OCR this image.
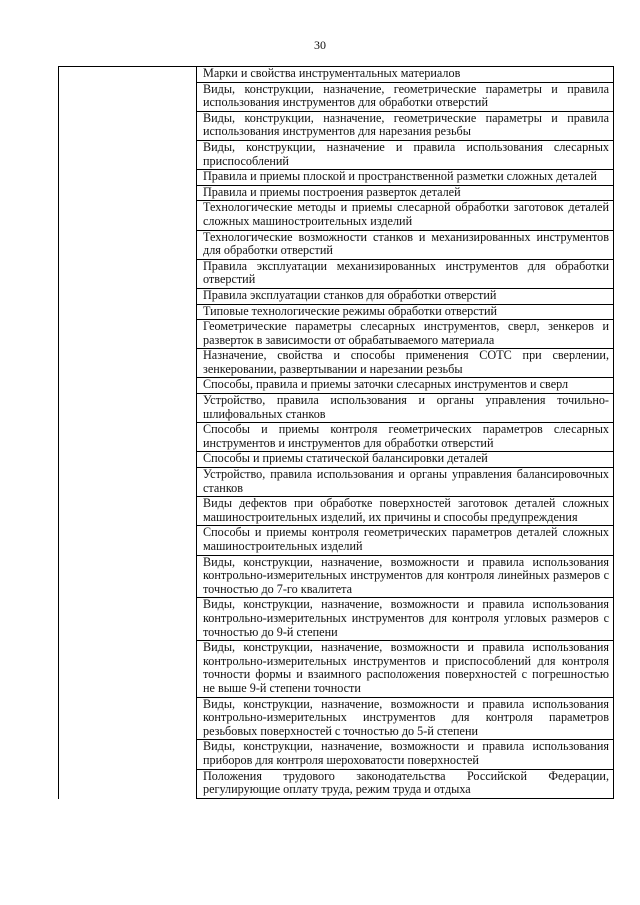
30
Марки и свойства инструментальных материалов
Виды, конструкции, назначение, геометрические параметры и правила использования инструментов для обработки отверстий
Виды, конструкции, назначение, геометрические параметры и правила использования инструментов для нарезания резьбы
Виды, конструкции, назначение и правила использования слесарных приспособлений
Правила и приемы плоской и пространственной разметки сложных деталей
Правила и приемы построения разверток деталей
Технологические методы и приемы слесарной обработки заготовок деталей сложных машиностроительных изделий
Технологические возможности станков и механизированных инструментов для обработки отверстий
Правила эксплуатации механизированных инструментов для обработки отверстий
Правила эксплуатации станков для обработки отверстий
Типовые технологические режимы обработки отверстий
Геометрические параметры слесарных инструментов, сверл, зенкеров и разверток в зависимости от обрабатываемого материала
Назначение, свойства и способы применения СОТС при сверлении, зенкеровании, развертывании и нарезании резьбы
Способы, правила и приемы заточки слесарных инструментов и сверл
Устройство, правила использования и органы управления точильно-шлифовальных станков
Способы и приемы контроля геометрических параметров слесарных инструментов и инструментов для обработки отверстий
Способы и приемы статической балансировки деталей
Устройство, правила использования и органы управления балансировочных станков
Виды дефектов при обработке поверхностей заготовок деталей сложных машиностроительных изделий, их причины и способы предупреждения
Способы и приемы контроля геометрических параметров деталей сложных машиностроительных изделий
Виды, конструкции, назначение, возможности и правила использования контрольно-измерительных инструментов для контроля линейных размеров с точностью до 7-го квалитета
Виды, конструкции, назначение, возможности и правила использования контрольно-измерительных инструментов для контроля угловых размеров с точностью до 9-й степени
Виды, конструкции, назначение, возможности и правила использования контрольно-измерительных инструментов и приспособлений для контроля точности формы и взаимного расположения поверхностей с погрешностью не выше 9-й степени точности
Виды, конструкции, назначение, возможности и правила использования контрольно-измерительных инструментов для контроля параметров резьбовых поверхностей с точностью до 5-й степени
Виды, конструкции, назначение, возможности и правила использования приборов для контроля шероховатости поверхностей
Положения трудового законодательства Российской Федерации, регулирующие оплату труда, режим труда и отдыха
